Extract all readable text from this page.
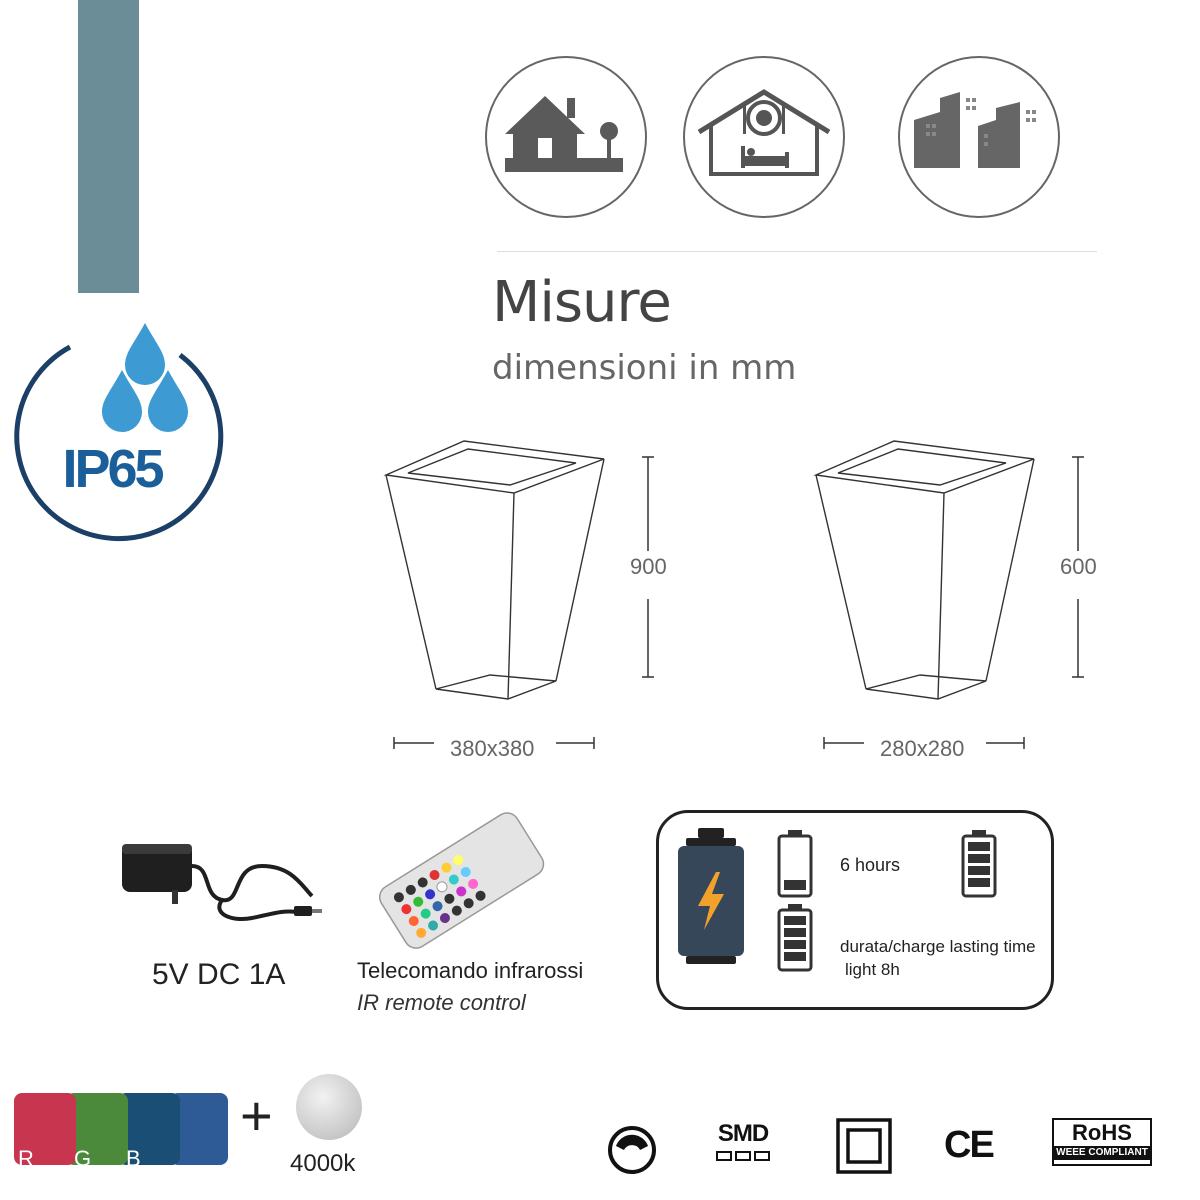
IP65
Misure
dimensioni in mm
900
380x380
600
280x280
5V DC 1A	Telecomando infrarossi
IR remote control
6 hours
durata/charge lasting time
light 8h
R G B
+
4000k
SMD	CE	RoHS
WEEE COMPLIANT
